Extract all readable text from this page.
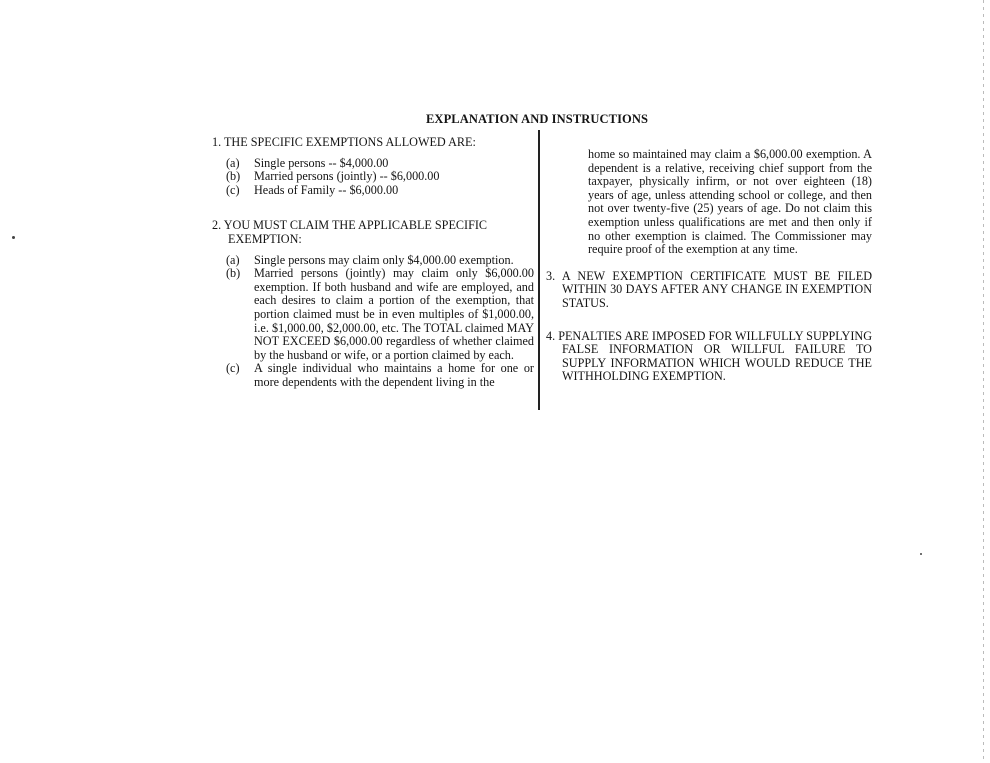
EXPLANATION AND INSTRUCTIONS

1. THE SPECIFIC EXEMPTIONS ALLOWED ARE:

(a)	Single persons -- $4,000.00
(b)	Married persons (jointly) -- $6,000.00
(c)	Heads of Family -- $6,000.00

2. YOU MUST CLAIM THE APPLICABLE SPECIFIC EXEMPTION:

(a)	Single persons may claim only $4,000.00 exemption.
(b)	Married persons (jointly) may claim only $6,000.00 exemption. If both husband and wife are employed, and each desires to claim a portion of the exemption, that portion claimed must be in even multiples of $1,000.00, i.e. $1,000.00, $2,000.00, etc. The TOTAL claimed MAY NOT EXCEED $6,000.00 regardless of whether claimed by the husband or wife, or a portion claimed by each.
(c)	A single individual who maintains a home for one or more dependents with the dependent living in the

home so maintained may claim a $6,000.00 exemption. A dependent is a relative, receiving chief support from the taxpayer, physically infirm, or not over eighteen (18) years of age, unless attending school or college, and then not over twenty-five (25) years of age. Do not claim this exemption unless qualifications are met and then only if no other exemption is claimed. The Commissioner may require proof of the exemption at any time.

3. A NEW EXEMPTION CERTIFICATE MUST BE FILED WITHIN 30 DAYS AFTER ANY CHANGE IN EXEMPTION STATUS.

4. PENALTIES ARE IMPOSED FOR WILLFULLY SUPPLYING FALSE INFORMATION OR WILLFUL FAILURE TO SUPPLY INFORMATION WHICH WOULD REDUCE THE WITHHOLDING EXEMPTION.
